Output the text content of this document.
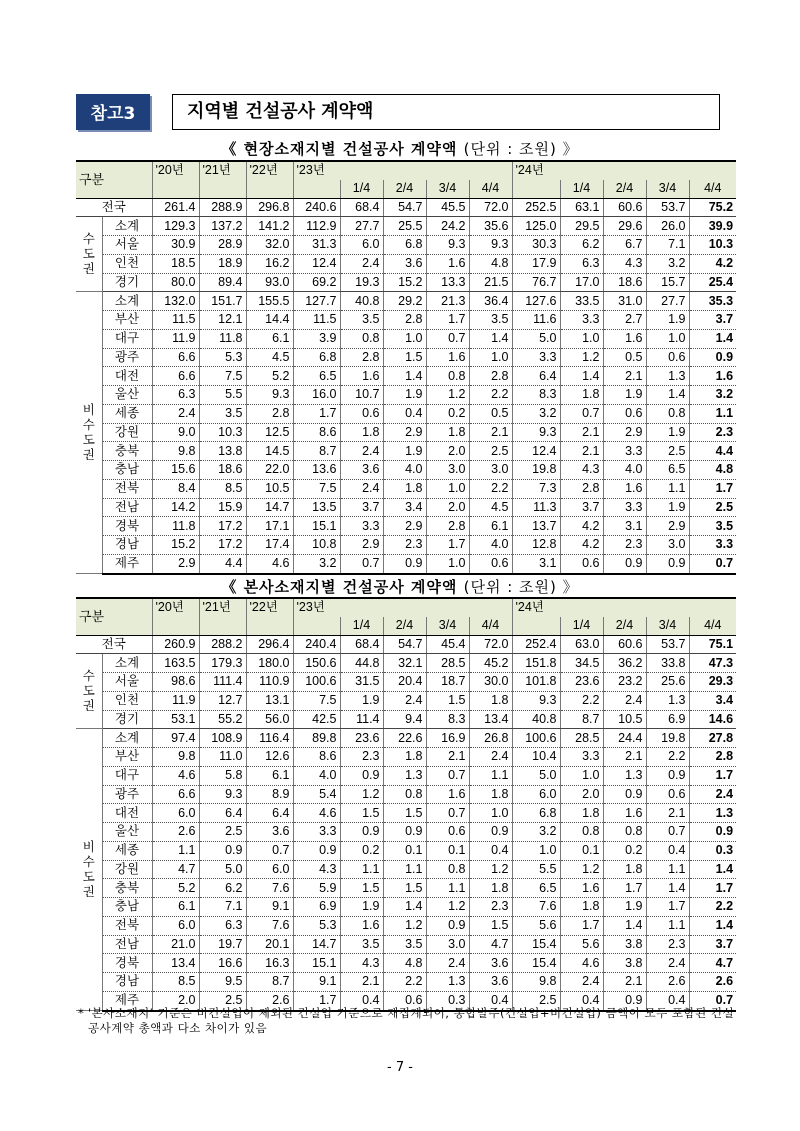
참고3	지역별 건설공사 계약액
《 현장소재지별 건설공사 계약액 (단위 : 조원) 》
구분		'20년	'21년	'22년	'23년					'24년				
						1/4	2/4	3/4	4/4		1/4	2/4	3/4	4/4
전국		261.4	288.9	296.8	240.6	68.4	54.7	45.5	72.0	252.5	63.1	60.6	53.7	75.2
수
도
권	소계	129.3	137.2	141.2	112.9	27.7	25.5	24.2	35.6	125.0	29.5	29.6	26.0	39.9
	서울	30.9	28.9	32.0	31.3	6.0	6.8	9.3	9.3	30.3	6.2	6.7	7.1	10.3
	인천	18.5	18.9	16.2	12.4	2.4	3.6	1.6	4.8	17.9	6.3	4.3	3.2	4.2
	경기	80.0	89.4	93.0	69.2	19.3	15.2	13.3	21.5	76.7	17.0	18.6	15.7	25.4
비
수
도
권	소계	132.0	151.7	155.5	127.7	40.8	29.2	21.3	36.4	127.6	33.5	31.0	27.7	35.3
	부산	11.5	12.1	14.4	11.5	3.5	2.8	1.7	3.5	11.6	3.3	2.7	1.9	3.7
	대구	11.9	11.8	6.1	3.9	0.8	1.0	0.7	1.4	5.0	1.0	1.6	1.0	1.4
	광주	6.6	5.3	4.5	6.8	2.8	1.5	1.6	1.0	3.3	1.2	0.5	0.6	0.9
	대전	6.6	7.5	5.2	6.5	1.6	1.4	0.8	2.8	6.4	1.4	2.1	1.3	1.6
	울산	6.3	5.5	9.3	16.0	10.7	1.9	1.2	2.2	8.3	1.8	1.9	1.4	3.2
	세종	2.4	3.5	2.8	1.7	0.6	0.4	0.2	0.5	3.2	0.7	0.6	0.8	1.1
	강원	9.0	10.3	12.5	8.6	1.8	2.9	1.8	2.1	9.3	2.1	2.9	1.9	2.3
	충북	9.8	13.8	14.5	8.7	2.4	1.9	2.0	2.5	12.4	2.1	3.3	2.5	4.4
	충남	15.6	18.6	22.0	13.6	3.6	4.0	3.0	3.0	19.8	4.3	4.0	6.5	4.8
	전북	8.4	8.5	10.5	7.5	2.4	1.8	1.0	2.2	7.3	2.8	1.6	1.1	1.7
	전남	14.2	15.9	14.7	13.5	3.7	3.4	2.0	4.5	11.3	3.7	3.3	1.9	2.5
	경북	11.8	17.2	17.1	15.1	3.3	2.9	2.8	6.1	13.7	4.2	3.1	2.9	3.5
	경남	15.2	17.2	17.4	10.8	2.9	2.3	1.7	4.0	12.8	4.2	2.3	3.0	3.3
	제주	2.9	4.4	4.6	3.2	0.7	0.9	1.0	0.6	3.1	0.6	0.9	0.9	0.7
《 본사소재지별 건설공사 계약액 (단위 : 조원) 》
구분		'20년	'21년	'22년	'23년					'24년				
						1/4	2/4	3/4	4/4		1/4	2/4	3/4	4/4
전국		260.9	288.2	296.4	240.4	68.4	54.7	45.4	72.0	252.4	63.0	60.6	53.7	75.1
수
도
권	소계	163.5	179.3	180.0	150.6	44.8	32.1	28.5	45.2	151.8	34.5	36.2	33.8	47.3
	서울	98.6	111.4	110.9	100.6	31.5	20.4	18.7	30.0	101.8	23.6	23.2	25.6	29.3
	인천	11.9	12.7	13.1	7.5	1.9	2.4	1.5	1.8	9.3	2.2	2.4	1.3	3.4
	경기	53.1	55.2	56.0	42.5	11.4	9.4	8.3	13.4	40.8	8.7	10.5	6.9	14.6
비
수
도
권	소계	97.4	108.9	116.4	89.8	23.6	22.6	16.9	26.8	100.6	28.5	24.4	19.8	27.8
	부산	9.8	11.0	12.6	8.6	2.3	1.8	2.1	2.4	10.4	3.3	2.1	2.2	2.8
	대구	4.6	5.8	6.1	4.0	0.9	1.3	0.7	1.1	5.0	1.0	1.3	0.9	1.7
	광주	6.6	9.3	8.9	5.4	1.2	0.8	1.6	1.8	6.0	2.0	0.9	0.6	2.4
	대전	6.0	6.4	6.4	4.6	1.5	1.5	0.7	1.0	6.8	1.8	1.6	2.1	1.3
	울산	2.6	2.5	3.6	3.3	0.9	0.9	0.6	0.9	3.2	0.8	0.8	0.7	0.9
	세종	1.1	0.9	0.7	0.9	0.2	0.1	0.1	0.4	1.0	0.1	0.2	0.4	0.3
	강원	4.7	5.0	6.0	4.3	1.1	1.1	0.8	1.2	5.5	1.2	1.8	1.1	1.4
	충북	5.2	6.2	7.6	5.9	1.5	1.5	1.1	1.8	6.5	1.6	1.7	1.4	1.7
	충남	6.1	7.1	9.1	6.9	1.9	1.4	1.2	2.3	7.6	1.8	1.9	1.7	2.2
	전북	6.0	6.3	7.6	5.3	1.6	1.2	0.9	1.5	5.6	1.7	1.4	1.1	1.4
	전남	21.0	19.7	20.1	14.7	3.5	3.5	3.0	4.7	15.4	5.6	3.8	2.3	3.7
	경북	13.4	16.6	16.3	15.1	4.3	4.8	2.4	3.6	15.4	4.6	3.8	2.4	4.7
	경남	8.5	9.5	8.7	9.1	2.1	2.2	1.3	3.6	9.8	2.4	2.1	2.6	2.6
	제주	2.0	2.5	2.6	1.7	0.4	0.6	0.3	0.4	2.5	0.4	0.9	0.4	0.7
* '본사소재지' 기준은 비건설업이 제외된 건설업 기준으로 재집계되어, 통합발주(건설업+비건설업) 금액이 모두 포함된 건설공사계약 총액과 다소 차이가 있음
- 7 -
